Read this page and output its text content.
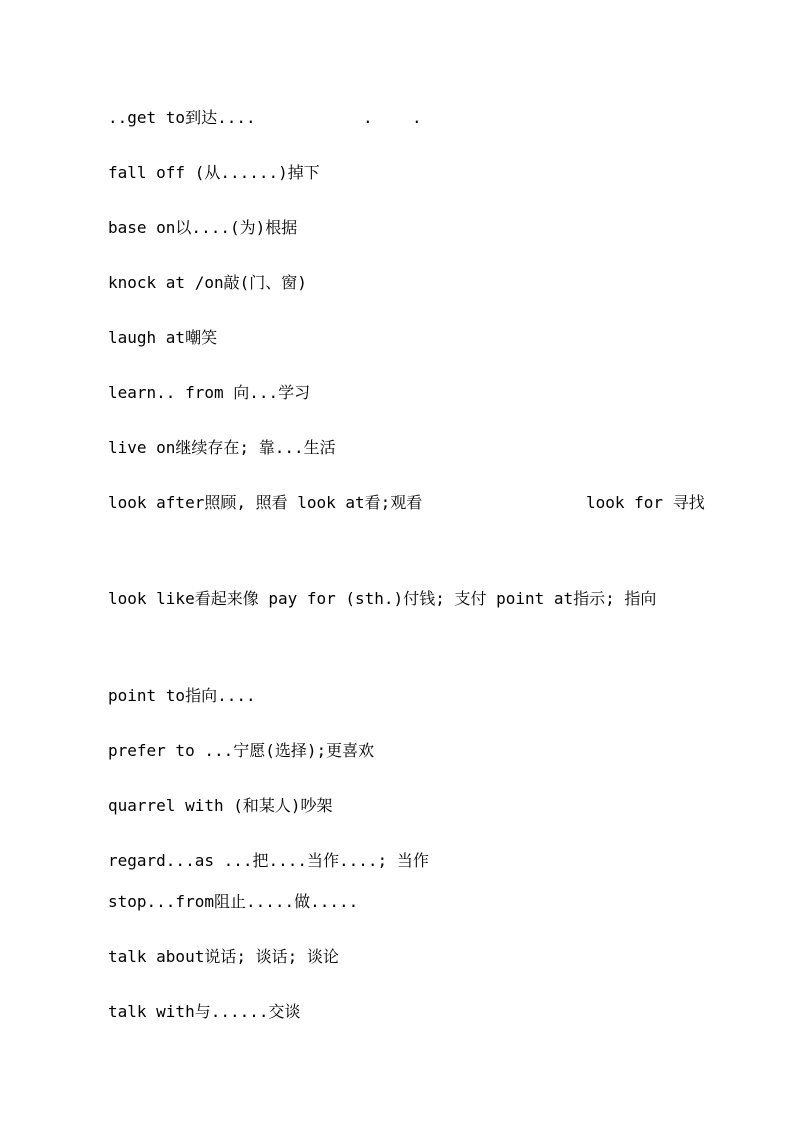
..get to到达....	. .
fall off (从......)掉下
base on以....(为)根据
knock at /on敲(门、窗)
laugh at嘲笑
learn.. from 向...学习
live on继续存在; 靠...生活
look after照顾, 照看 look at看;观看	look for 寻找
look like看起来像 pay for (sth.)付钱; 支付 point at指示; 指向
point to指向....
prefer to ...宁愿(选择);更喜欢
quarrel with (和某人)吵架
regard...as ...把....当作....; 当作
stop...from阻止.....做.....
talk about说话; 谈话; 谈论
talk with与......交谈
